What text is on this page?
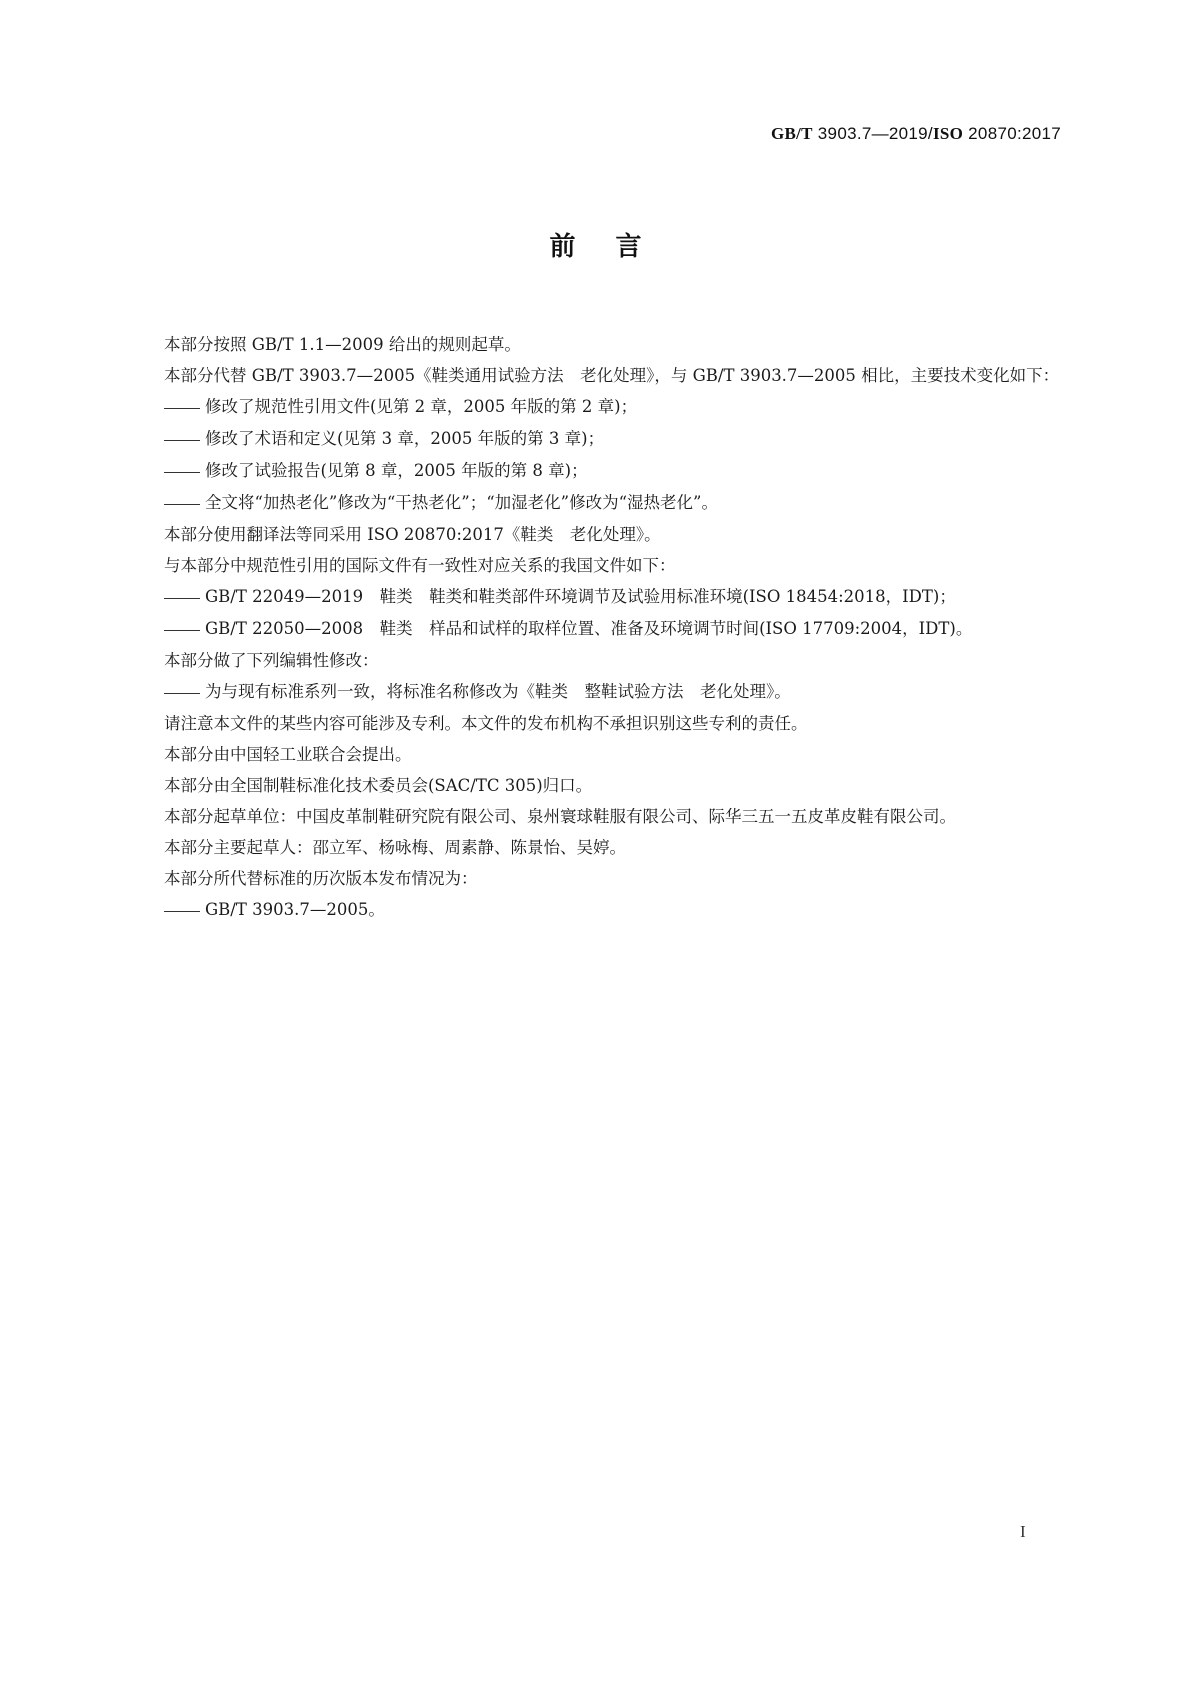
GB/T 3903.7—2019/ISO 20870:2017
前言

本部分按照 GB/T 1.1—2009 给出的规则起草。

本部分代替 GB/T 3903.7—2005《鞋类通用试验方法　老化处理》，与 GB/T 3903.7—2005 相比，主要技术变化如下：

修改了规范性引用文件(见第 2 章，2005 年版的第 2 章)；

修改了术语和定义(见第 3 章，2005 年版的第 3 章)；

修改了试验报告(见第 8 章，2005 年版的第 8 章)；

全文将“加热老化”修改为“干热老化”；“加湿老化”修改为“湿热老化”。

本部分使用翻译法等同采用 ISO 20870:2017《鞋类　老化处理》。

与本部分中规范性引用的国际文件有一致性对应关系的我国文件如下：

GB/T 22049—2019　鞋类　鞋类和鞋类部件环境调节及试验用标准环境(ISO 18454:2018，IDT)；

GB/T 22050—2008　鞋类　样品和试样的取样位置、准备及环境调节时间(ISO 17709:2004，IDT)。

本部分做了下列编辑性修改：

为与现有标准系列一致，将标准名称修改为《鞋类　整鞋试验方法　老化处理》。

请注意本文件的某些内容可能涉及专利。本文件的发布机构不承担识别这些专利的责任。

本部分由中国轻工业联合会提出。

本部分由全国制鞋标准化技术委员会(SAC/TC 305)归口。

本部分起草单位：中国皮革制鞋研究院有限公司、泉州寰球鞋服有限公司、际华三五一五皮革皮鞋有限公司。

本部分主要起草人：邵立军、杨咏梅、周素静、陈景怡、吴婷。

本部分所代替标准的历次版本发布情况为：

GB/T 3903.7—2005。

I
